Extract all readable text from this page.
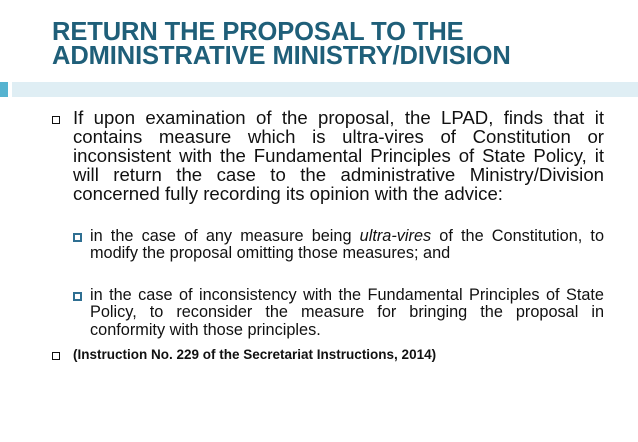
RETURN THE PROPOSAL TO THE
ADMINISTRATIVE MINISTRY/DIVISION
If upon examination of the proposal, the LPAD, finds that it contains measure which is ultra-vires of Constitution or inconsistent with the Fundamental Principles of State Policy, it will return the case to the administrative Ministry/Division concerned fully recording its opinion with the advice:
in the case of any measure being ultra-vires of the Constitution, to modify the proposal omitting those measures; and
in the case of inconsistency with the Fundamental Principles of State Policy, to reconsider the measure for bringing the proposal in conformity with those principles.
(Instruction No. 229 of the Secretariat Instructions, 2014)
